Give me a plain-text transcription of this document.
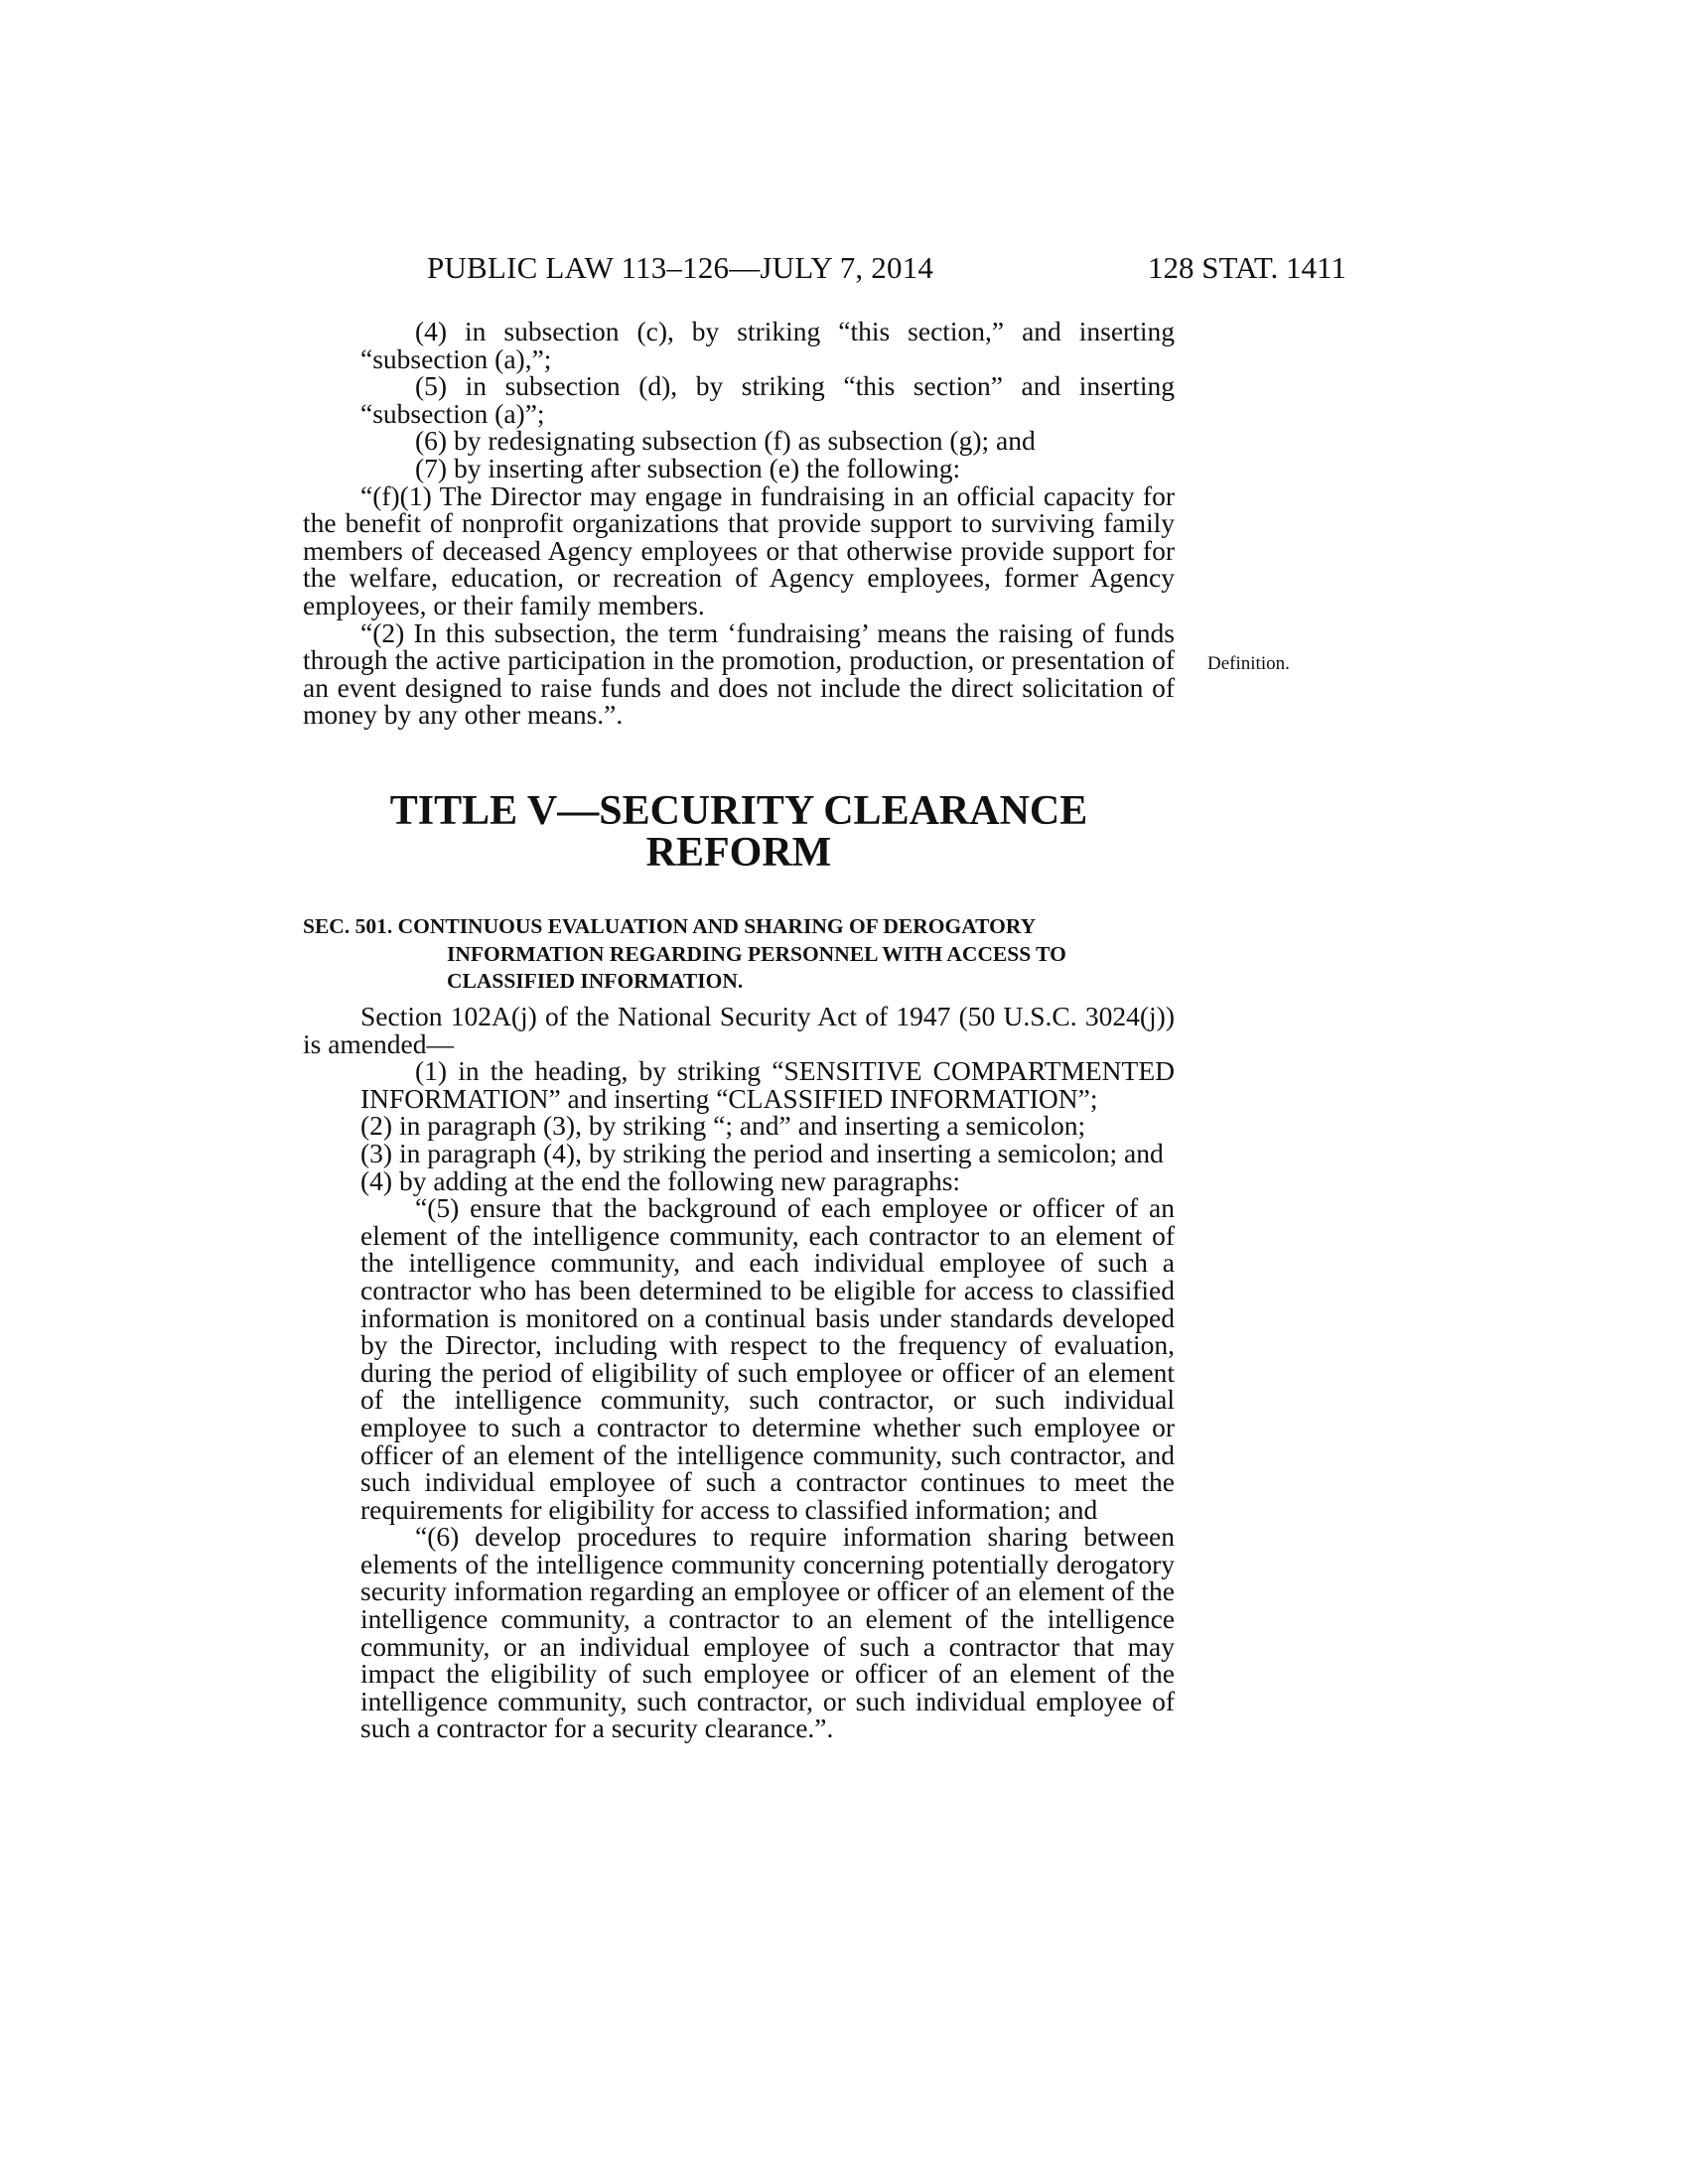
PUBLIC LAW 113–126—JULY 7, 2014	128 STAT. 1411

(4) in subsection (c), by striking “this section,” and inserting “subsection (a),”;

(5) in subsection (d), by striking “this section” and inserting “subsection (a)”;

(6) by redesignating subsection (f) as subsection (g); and

(7) by inserting after subsection (e) the following:

“(f)(1) The Director may engage in fundraising in an official capacity for the benefit of nonprofit organizations that provide support to surviving family members of deceased Agency employees or that otherwise provide support for the welfare, education, or recreation of Agency employees, former Agency employees, or their family members.

“(2) In this subsection, the term ‘fundraising’ means the raising of funds through the active participation in the promotion, production, or presentation of an event designed to raise funds and does not include the direct solicitation of money by any other means.”.

Definition.
TITLE V—SECURITY CLEARANCE
REFORM
SEC. 501. CONTINUOUS EVALUATION AND SHARING OF DEROGATORY
INFORMATION REGARDING PERSONNEL WITH ACCESS TO
CLASSIFIED INFORMATION.

Section 102A(j) of the National Security Act of 1947 (50 U.S.C. 3024(j)) is amended—

(1) in the heading, by striking “SENSITIVE COMPARTMENTED INFORMATION” and inserting “CLASSIFIED INFORMATION”;

(2) in paragraph (3), by striking “; and” and inserting a semicolon;

(3) in paragraph (4), by striking the period and inserting a semicolon; and

(4) by adding at the end the following new paragraphs:

“(5) ensure that the background of each employee or officer of an element of the intelligence community, each contractor to an element of the intelligence community, and each individual employee of such a contractor who has been determined to be eligible for access to classified information is monitored on a continual basis under standards developed by the Director, including with respect to the frequency of evaluation, during the period of eligibility of such employee or officer of an element of the intelligence community, such contractor, or such individual employee to such a contractor to determine whether such employee or officer of an element of the intelligence community, such contractor, and such individual employee of such a contractor continues to meet the requirements for eligibility for access to classified information; and

“(6) develop procedures to require information sharing between elements of the intelligence community concerning potentially derogatory security information regarding an employee or officer of an element of the intelligence community, a contractor to an element of the intelligence community, or an individual employee of such a contractor that may impact the eligibility of such employee or officer of an element of the intelligence community, such contractor, or such individual employee of such a contractor for a security clearance.”.
